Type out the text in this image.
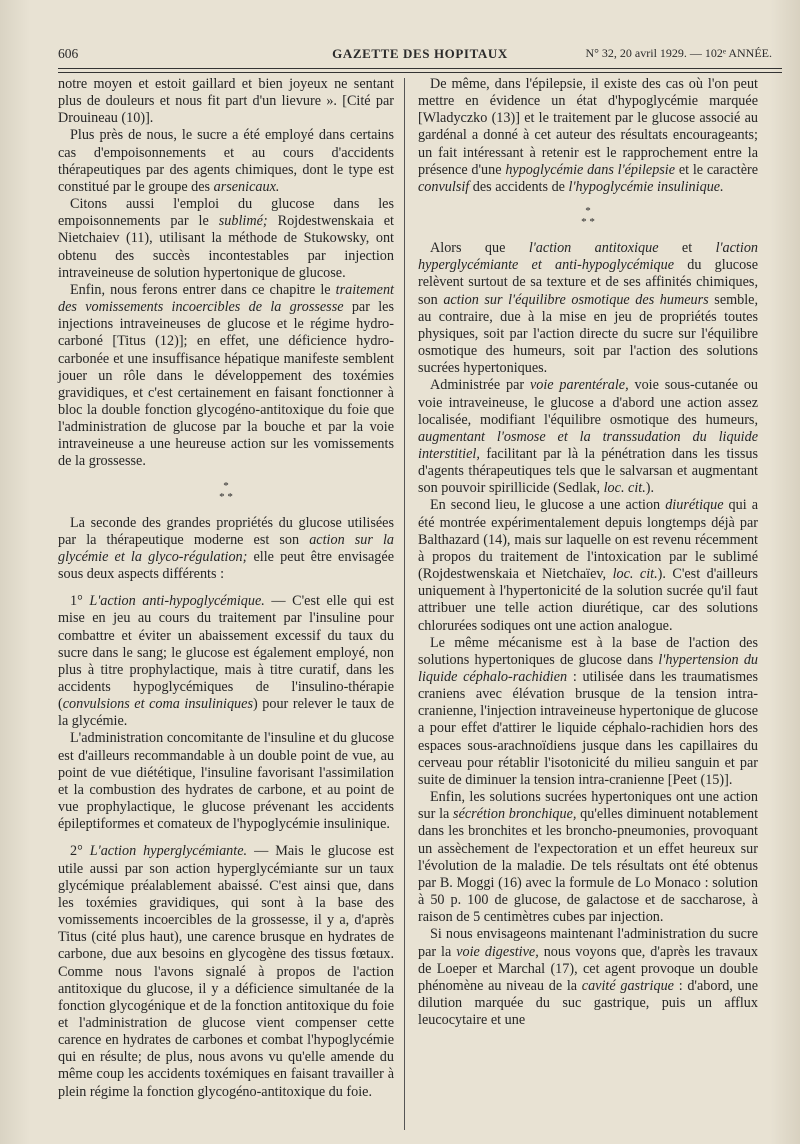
606	GAZETTE DES HOPITAUX	N° 32, 20 avril 1929. — 102ᵉ ANNÉE.

notre moyen et estoit gaillard et bien joyeux ne sentant plus de douleurs et nous fit part d'un lievure ». [Cité par Drouineau (10)].

Plus près de nous, le sucre a été employé dans certains cas d'empoisonnements et au cours d'accidents thérapeutiques par des agents chimiques, dont le type est constitué par le groupe des arsenicaux.

Citons aussi l'emploi du glucose dans les empoisonnements par le sublimé; Rojdestwenskaia et Nietchaiev (11), utilisant la méthode de Stukowsky, ont obtenu des succès incontestables par injection intraveineuse de solution hypertonique de glucose.

Enfin, nous ferons entrer dans ce chapitre le traitement des vomissements incoercibles de la grossesse par les injections intraveineuses de glucose et le régime hydro-carboné [Titus (12)]; en effet, une déficience hydro-carbonée et une insuffisance hépatique manifeste semblent jouer un rôle dans le développement des toxémies gravidiques, et c'est certainement en faisant fonctionner à bloc la double fonction glycogéno-antitoxique du foie que l'administration de glucose par la bouche et par la voie intraveineuse a une heureuse action sur les vomissements de la grossesse.

*
* *

La seconde des grandes propriétés du glucose utilisées par la thérapeutique moderne est son action sur la glycémie et la glyco-régulation; elle peut être envisagée sous deux aspects différents :

1° L'action anti-hypoglycémique. — C'est elle qui est mise en jeu au cours du traitement par l'insuline pour combattre et éviter un abaissement excessif du taux du sucre dans le sang; le glucose est également employé, non plus à titre prophylactique, mais à titre curatif, dans les accidents hypoglycémiques de l'insulino-thérapie (convulsions et coma insuliniques) pour relever le taux de la glycémie.

L'administration concomitante de l'insuline et du glucose est d'ailleurs recommandable à un double point de vue, au point de vue diététique, l'insuline favorisant l'assimilation et la combustion des hydrates de carbone, et au point de vue prophylactique, le glucose prévenant les accidents épileptiformes et comateux de l'hypoglycémie insulinique.

2° L'action hyperglycémiante. — Mais le glucose est utile aussi par son action hyperglycémiante sur un taux glycémique préalablement abaissé. C'est ainsi que, dans les toxémies gravidiques, qui sont à la base des vomissements incoercibles de la grossesse, il y a, d'après Titus (cité plus haut), une carence brusque en hydrates de carbone, due aux besoins en glycogène des tissus fœtaux. Comme nous l'avons signalé à propos de l'action antitoxique du glucose, il y a déficience simultanée de la fonction glycogénique et de la fonction antitoxique du foie et l'administration de glucose vient compenser cette carence en hydrates de carbones et combat l'hypoglycémie qui en résulte; de plus, nous avons vu qu'elle amende du même coup les accidents toxémiques en faisant travailler à plein régime la fonction glycogéno-antitoxique du foie.

De même, dans l'épilepsie, il existe des cas où l'on peut mettre en évidence un état d'hypoglycémie marquée [Wladyczko (13)] et le traitement par le glucose associé au gardénal a donné à cet auteur des résultats encourageants; un fait intéressant à retenir est le rapprochement entre la présence d'une hypoglycémie dans l'épilepsie et le caractère convulsif des accidents de l'hypoglycémie insulinique.

*
* *

Alors que l'action antitoxique et l'action hyperglycémiante et anti-hypoglycémique du glucose relèvent surtout de sa texture et de ses affinités chimiques, son action sur l'équilibre osmotique des humeurs semble, au contraire, due à la mise en jeu de propriétés toutes physiques, soit par l'action directe du sucre sur l'équilibre osmotique des humeurs, soit par l'action des solutions sucrées hypertoniques.

Administrée par voie parentérale, voie sous-cutanée ou voie intraveineuse, le glucose a d'abord une action assez localisée, modifiant l'équilibre osmotique des humeurs, augmentant l'osmose et la transsudation du liquide interstitiel, facilitant par là la pénétration dans les tissus d'agents thérapeutiques tels que le salvarsan et augmentant son pouvoir spirillicide (Sedlak, loc. cit.).

En second lieu, le glucose a une action diurétique qui a été montrée expérimentalement depuis longtemps déjà par Balthazard (14), mais sur laquelle on est revenu récemment à propos du traitement de l'intoxication par le sublimé (Rojdestwenskaia et Nietchaïev, loc. cit.). C'est d'ailleurs uniquement à l'hypertonicité de la solution sucrée qu'il faut attribuer une telle action diurétique, car des solutions chlorurées sodiques ont une action analogue.

Le même mécanisme est à la base de l'action des solutions hypertoniques de glucose dans l'hypertension du liquide céphalo-rachidien : utilisée dans les traumatismes craniens avec élévation brusque de la tension intra-cranienne, l'injection intraveineuse hypertonique de glucose a pour effet d'attirer le liquide céphalo-rachidien hors des espaces sous-arachnoïdiens jusque dans les capillaires du cerveau pour rétablir l'isotonicité du milieu sanguin et par suite de diminuer la tension intra-cranienne [Peet (15)].

Enfin, les solutions sucrées hypertoniques ont une action sur la sécrétion bronchique, qu'elles diminuent notablement dans les bronchites et les broncho-pneumonies, provoquant un assèchement de l'expectoration et un effet heureux sur l'évolution de la maladie. De tels résultats ont été obtenus par B. Moggi (16) avec la formule de Lo Monaco : solution à 50 p. 100 de glucose, de galactose et de saccharose, à raison de 5 centimètres cubes par injection.

Si nous envisageons maintenant l'administration du sucre par la voie digestive, nous voyons que, d'après les travaux de Loeper et Marchal (17), cet agent provoque un double phénomène au niveau de la cavité gastrique : d'abord, une dilution marquée du suc gastrique, puis un afflux leucocytaire et une
